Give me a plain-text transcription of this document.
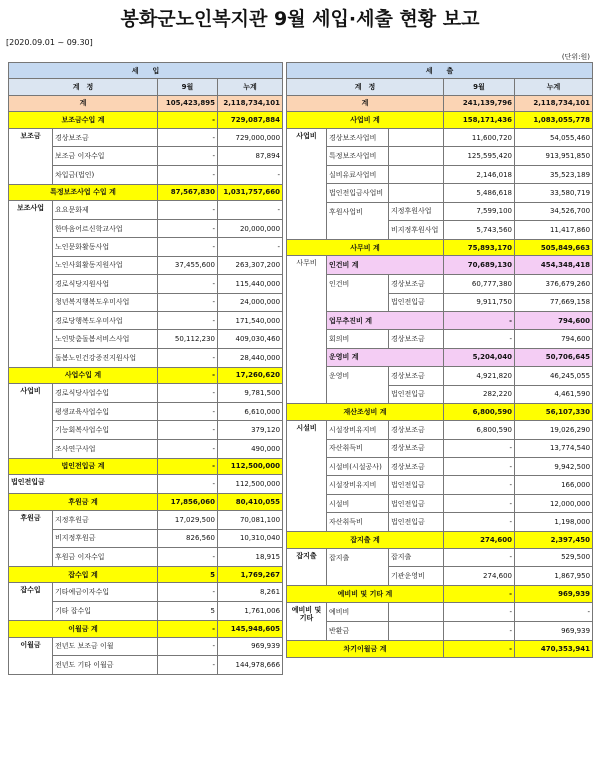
봉화군노인복지관 9월 세입·세출 현황 보고
[2020.09.01 ~ 09.30]
(단위:원)
세　　입			
계　정		9월	누계
계		105,423,895	2,118,734,101
보조금수입 계		-	729,087,884
보조금	경상보조금	-	729,000,000
	보조금 이자수입	-	87,894
	차입금(법인)	-	-
특정보조사업 수입 계		87,567,830	1,031,757,660
보조사업	요요문화제	-	-
	한마음어르신학교사업	-	20,000,000
	노인문화활동사업	-	-
	노인사회활동지원사업	37,455,600	263,307,200
	경로식당지원사업	-	115,440,000
	청년복지행복도우미사업	-	24,000,000
	경로당행복도우미사업	-	171,540,000
	노인맞춤돌봄서비스사업	50,112,230	409,030,460
	돌봄노인건강증진지원사업	-	28,440,000
사업수입 계		-	17,260,620
사업비	경로식당사업수입	-	9,781,500
	평생교육사업수입	-	6,610,000
	기능회복사업수입	-	379,120
	조사연구사업	-	490,000
법인전입금 계		-	112,500,000
법인전입금		-	112,500,000
후원금 계		17,856,060	80,410,055
후원금	지정후원금	17,029,500	70,081,100
	비지정후원금	826,560	10,310,040
	후원금 이자수입	-	18,915
잡수입 계		5	1,769,267
잡수입	기타예금이자수입	-	8,261
	기타 잡수입	5	1,761,006
이월금 계		-	145,948,605
이월금	전년도 보조금 이월	-	969,939
	전년도 기타 이월금	-	144,978,666
세　　출				
계　정			9월	누계
계			241,139,796	2,118,734,101
사업비 계			158,171,436	1,083,055,778
사업비	경상보조사업비		11,600,720	54,055,460
	특정보조사업비		125,595,420	913,951,850
	실비유료사업비		2,146,018	35,523,189
	법인전입금사업비		5,486,618	33,580,719
	후원사업비	지정후원사업	7,599,100	34,526,700
		비지정후원사업	5,743,560	11,417,860
사무비 계			75,893,170	505,849,663
사무비	인건비 계		70,689,130	454,348,418
	인건비	경상보조금	60,777,380	376,679,260
		법인전입금	9,911,750	77,669,158
	업무추진비 계		-	794,600
	회의비	경상보조금	-	794,600
	운영비 계		5,204,040	50,706,645
	운영비	경상보조금	4,921,820	46,245,055
		법인전입금	282,220	4,461,590
재산조성비 계			6,800,590	56,107,330
시설비	시설장비유지비	경상보조금	6,800,590	19,026,290
	자산취득비	경상보조금	-	13,774,540
	시설비(시설공사)	경상보조금	-	9,942,500
	시설장비유지비	법인전입금	-	166,000
	시설비	법인전입금	-	12,000,000
	자산취득비	법인전입금	-	1,198,000
잡지출 계			274,600	2,397,450
잡지출	잡지출	잡지출	-	529,500
		기관운영비	274,600	1,867,950
예비비 및 기타 계			-	969,939
예비비 및기타	예비비		-	-
	반환금		-	969,939
차기이월금 계			-	470,353,941
